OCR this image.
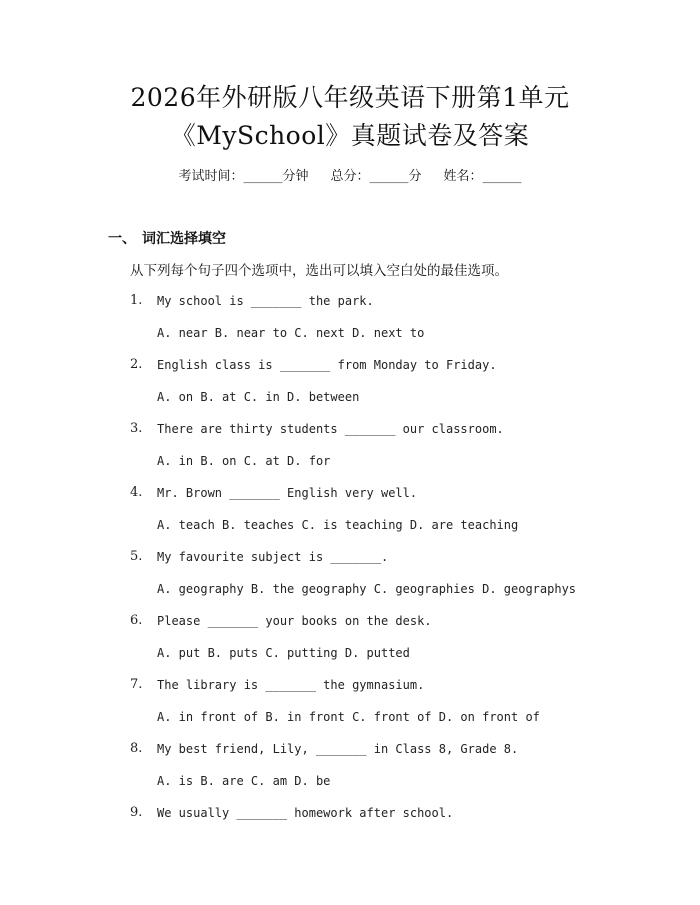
2026年外研版八年级英语下册第1单元
《MySchool》真题试卷及答案
考试时间：______分钟 总分：______分 姓名：______
一、 词汇选择填空
从下列每个句子四个选项中，选出可以填入空白处的最佳选项。
1. My school is _______ the park.
A. near B. near to C. next D. next to
2. English class is _______ from Monday to Friday.
A. on B. at C. in D. between
3. There are thirty students _______ our classroom.
A. in B. on C. at D. for
4. Mr. Brown _______ English very well.
A. teach B. teaches C. is teaching D. are teaching
5. My favourite subject is _______.
A. geography B. the geography C. geographies D. geographys
6. Please _______ your books on the desk.
A. put B. puts C. putting D. putted
7. The library is _______ the gymnasium.
A. in front of B. in front C. front of D. on front of
8. My best friend, Lily, _______ in Class 8, Grade 8.
A. is B. are C. am D. be
9. We usually _______ homework after school.
